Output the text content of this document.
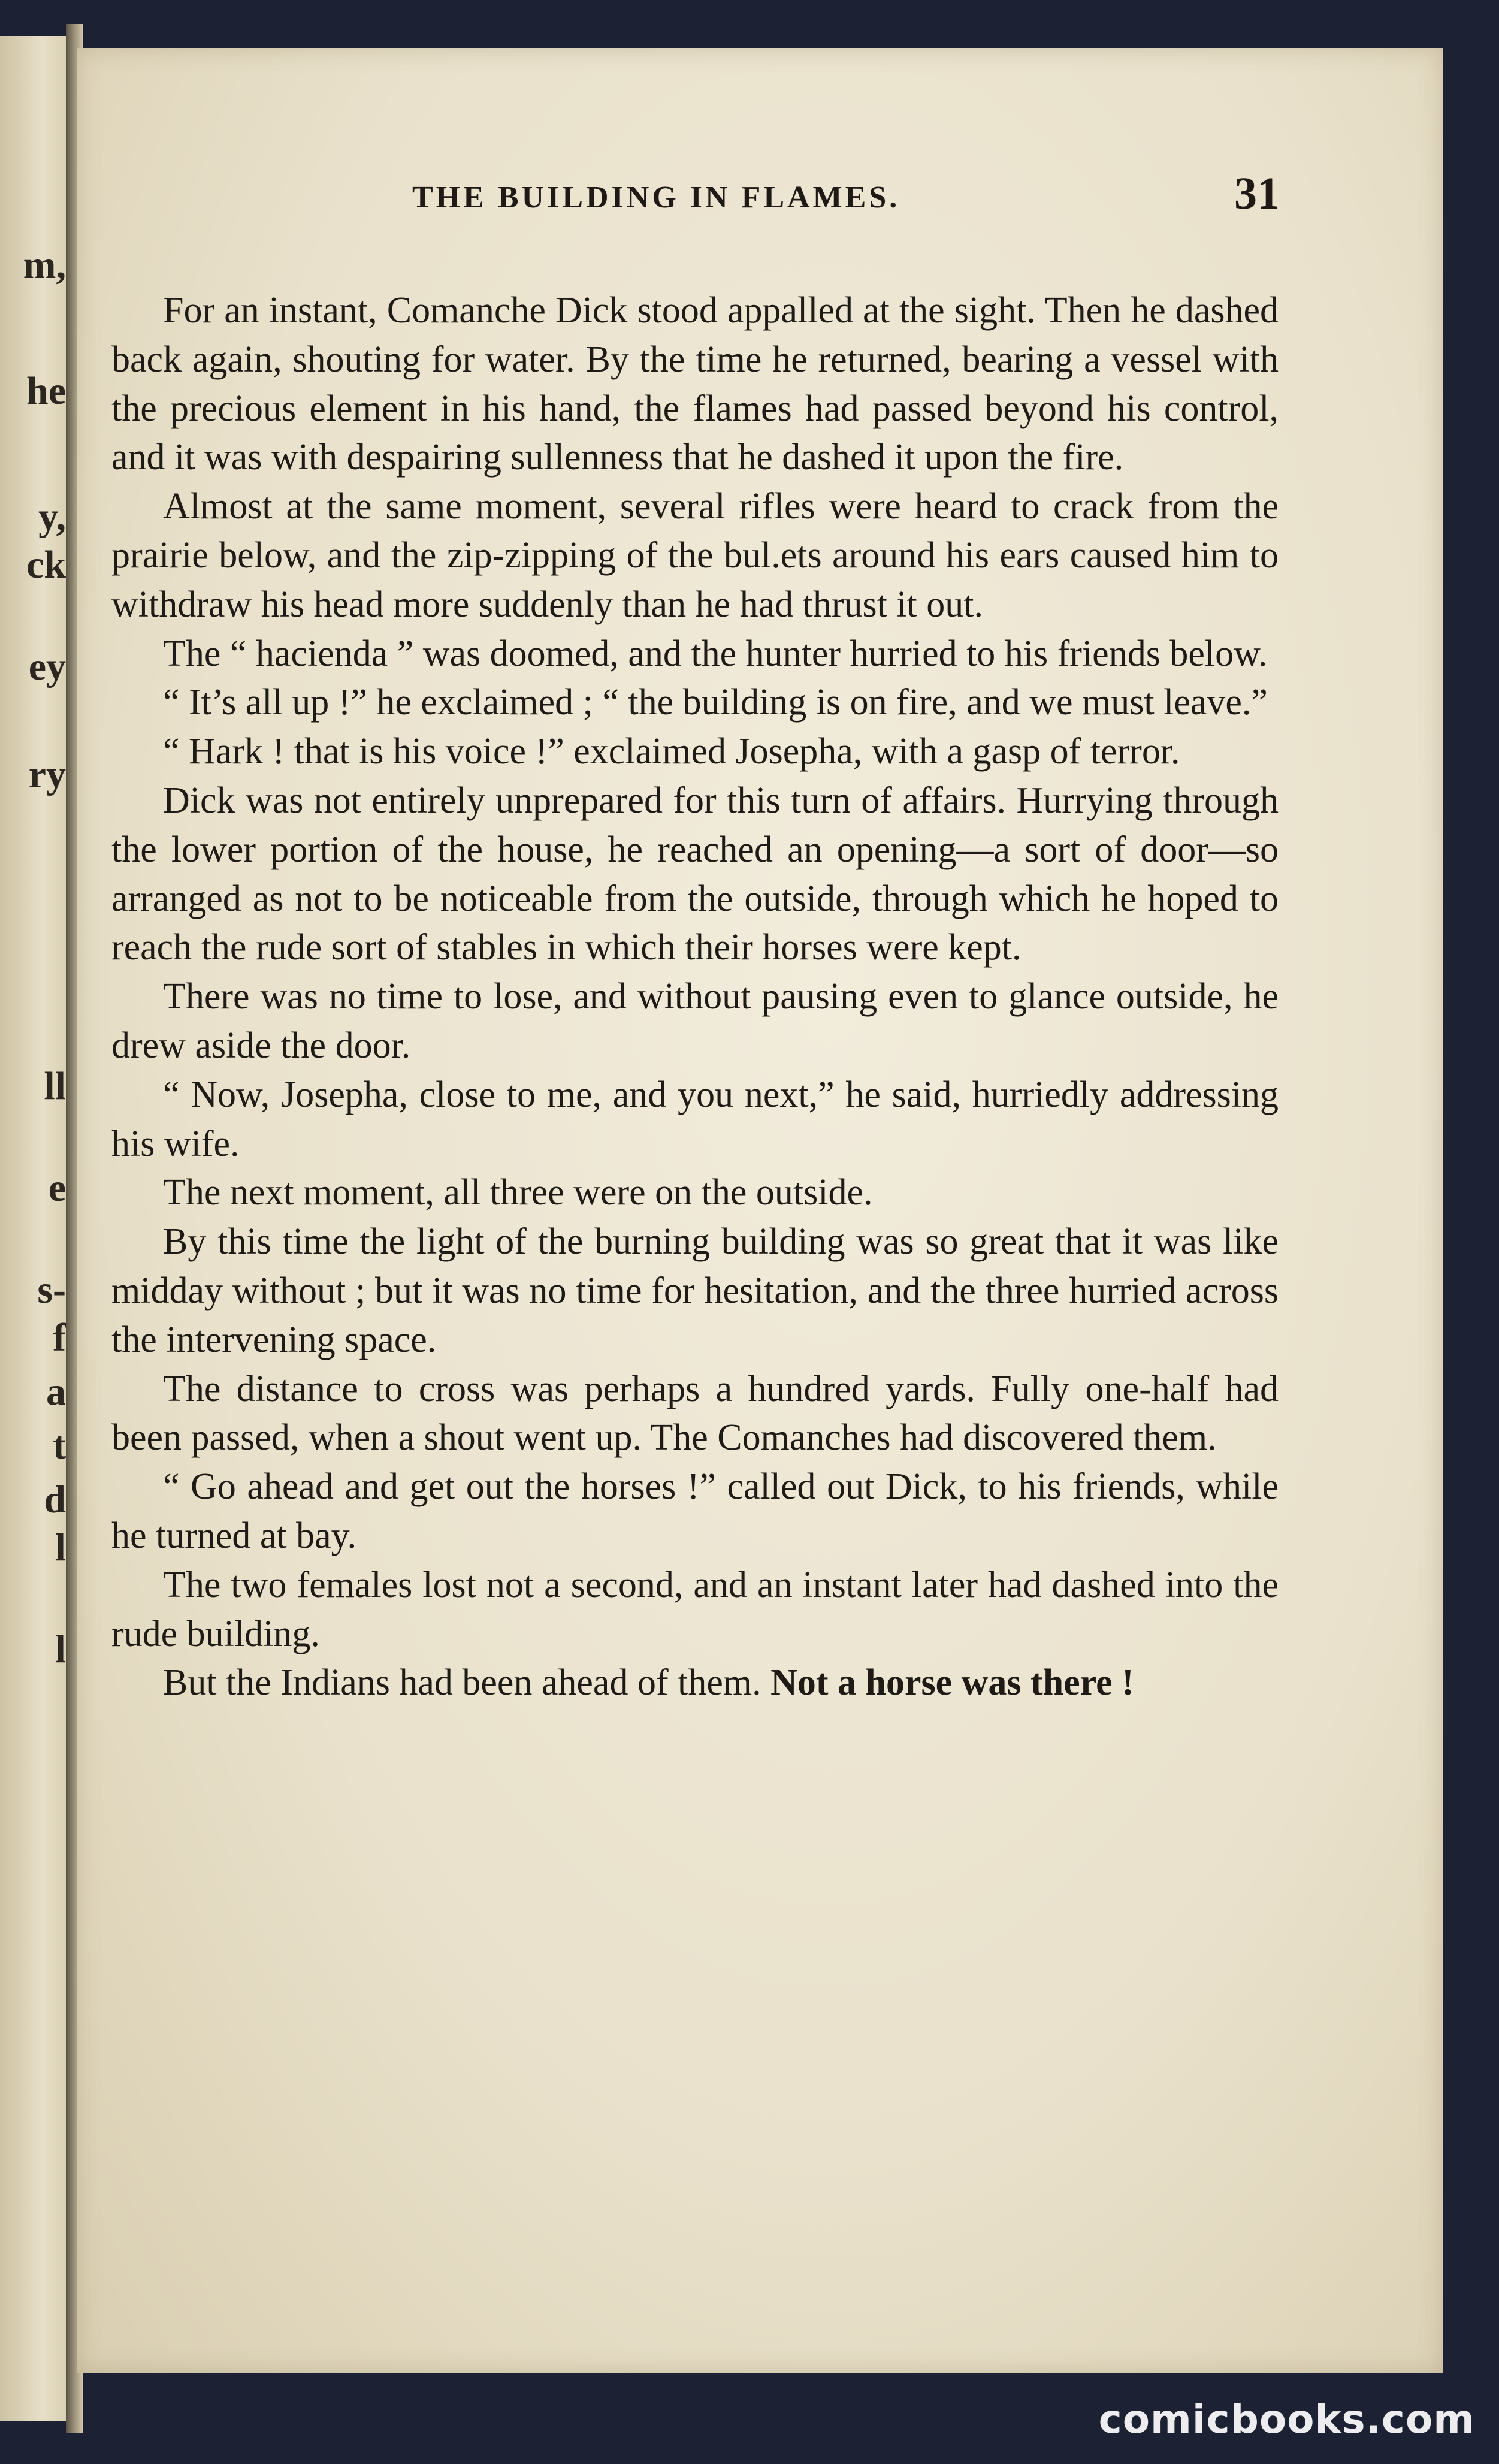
m,
he
y,
ck
ey
ry
ll
e
s-
f
a
t
d
l
l
THE BUILDING IN FLAMES.	31

For an instant, Comanche Dick stood appalled at the sight. Then he dashed back again, shouting for water. By the time he returned, bearing a vessel with the precious element in his hand, the flames had passed beyond his control, and it was with despairing sullenness that he dashed it upon the fire.

Almost at the same moment, several rifles were heard to crack from the prairie below, and the zip-zipping of the bul.ets around his ears caused him to withdraw his head more suddenly than he had thrust it out.

The “ hacienda ” was doomed, and the hunter hurried to his friends below.

“ It’s all up !” he exclaimed ; “ the building is on fire, and we must leave.”

“ Hark ! that is his voice !” exclaimed Josepha, with a gasp of terror.

Dick was not entirely unprepared for this turn of affairs. Hurrying through the lower portion of the house, he reached an opening—a sort of door—so arranged as not to be noticeable from the outside, through which he hoped to reach the rude sort of stables in which their horses were kept.

There was no time to lose, and without pausing even to glance outside, he drew aside the door.

“ Now, Josepha, close to me, and you next,” he said, hurriedly addressing his wife.

The next moment, all three were on the outside.

By this time the light of the burning building was so great that it was like midday without ; but it was no time for hesitation, and the three hurried across the intervening space.

The distance to cross was perhaps a hundred yards. Fully one-half had been passed, when a shout went up. The Comanches had discovered them.

“ Go ahead and get out the horses !” called out Dick, to his friends, while he turned at bay.

The two females lost not a second, and an instant later had dashed into the rude building.

But the Indians had been ahead of them. Not a horse was there !

comicbooks.com
